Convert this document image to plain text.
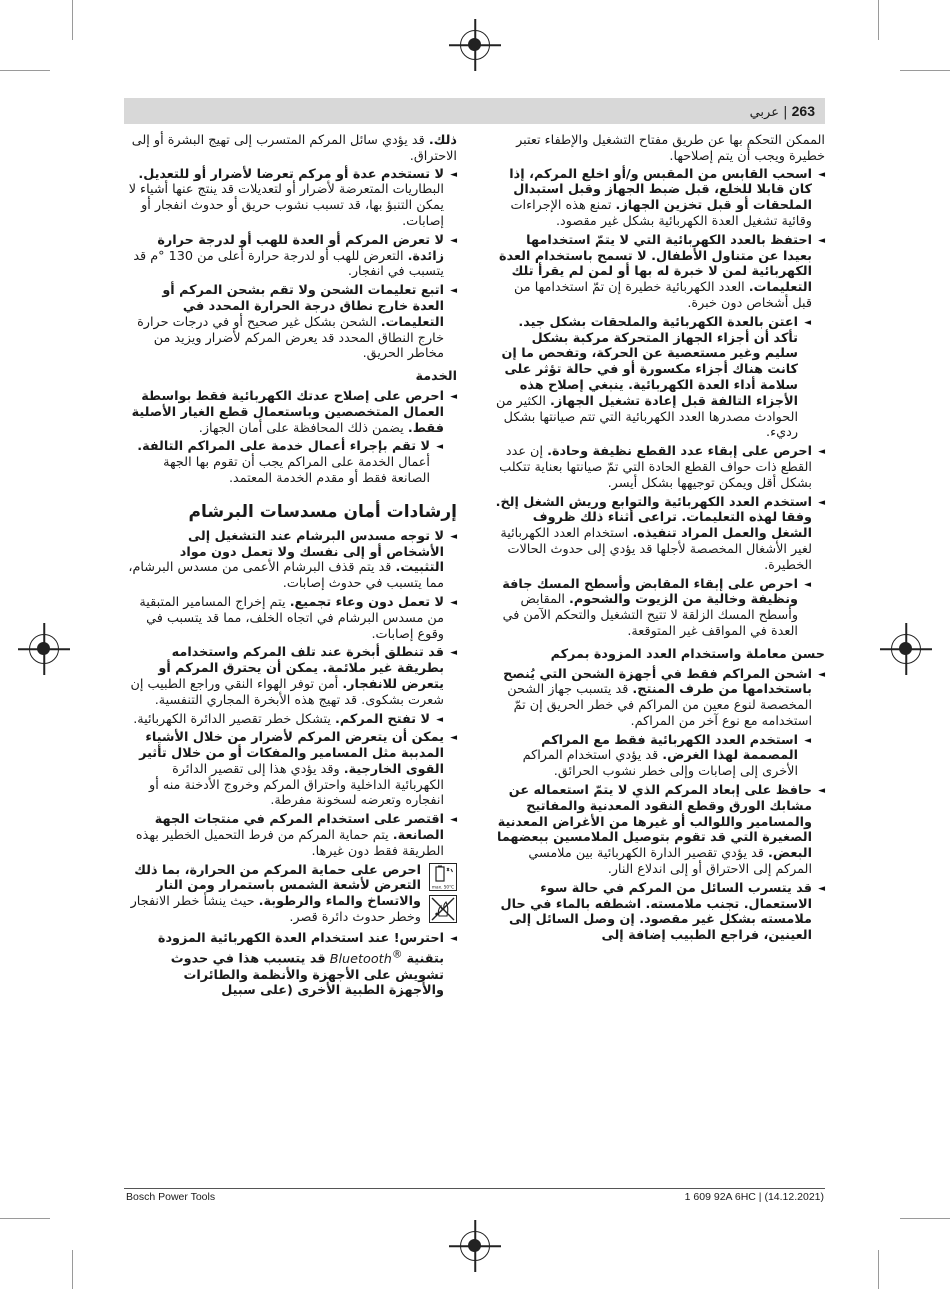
263 | عربي

الممكن التحكم بها عن طريق مفتاح التشغيل والإطفاء تعتبر خطيرة ويجب أن يتم إصلاحها.

◄ اسحب القابس من المقبس و/أو اخلع المركم، إذا كان قابلا للخلع، قبل ضبط الجهاز وقبل استبدال الملحقات أو قبل تخزين الجهاز. تمنع هذه الإجراءات وقائية تشغيل العدة الكهربائية بشكل غير مقصود.
◄ احتفظ بالعدد الكهربائية التي لا يتمّ استخدامها بعيدا عن متناول الأطفال. لا تسمح باستخدام العدة الكهربائية لمن لا خبرة له بها أو لمن لم يقرأ تلك التعليمات. العدد الكهربائية خطيرة إن تمّ استخدامها من قبل أشخاص دون خبرة.
◄ اعتن بالعدة الكهربائية والملحقات بشكل جيد. تأكد أن أجزاء الجهاز المتحركة مركبة بشكل سليم وغير مستعصية عن الحركة، وتفحص ما إن كانت هناك أجزاء مكسورة أو في حالة تؤثر على سلامة أداء العدة الكهربائية. ينبغي إصلاح هذه الأجزاء التالفة قبل إعادة تشغيل الجهاز. الكثير من الحوادث مصدرها العدد الكهربائية التي تتم صيانتها بشكل رديء.
◄ احرص على إبقاء عدد القطع نظيفة وحادة. إن عدد القطع ذات حواف القطع الحادة التي تمّ صيانتها بعناية تتكلب بشكل أقل ويمكن توجيهها بشكل أيسر.
◄ استخدم العدد الكهربائية والتوابع وريش الشغل إلخ. وفقا لهذه التعليمات. تراعى أثناء ذلك ظروف الشغل والعمل المراد تنفيذه. استخدام العدد الكهربائية لغير الأشغال المخصصة لأجلها قد يؤدي إلى حدوث الحالات الخطيرة.
◄ احرص على إبقاء المقابض وأسطح المسك جافة ونظيفة وخالية من الزيوت والشحوم. المقابض وأسطح المسك الزلقة لا تتيح التشغيل والتحكم الآمن في العدة في المواقف غير المتوقعة.
حسن معاملة واستخدام العدد المزودة بمركم
◄ اشحن المراكم فقط في أجهزة الشحن التي يُنصح باستخدامها من طرف المنتج. قد يتسبب جهاز الشحن المخصصة لنوع معين من المراكم في خطر الحريق إن تمّ استخدامه مع نوع آخر من المراكم.
◄ استخدم العدد الكهربائية فقط مع المراكم المصممة لهذا الغرض. قد يؤدي استخدام المراكم الأخرى إلى إصابات وإلى خطر نشوب الحرائق.
◄ حافظ على إبعاد المركم الذي لا يتمّ استعماله عن مشابك الورق وقطع النقود المعدنية والمفاتيح والمسامير واللوالب أو غيرها من الأغراض المعدنية الصغيرة التي قد تقوم بتوصيل الملامسين ببعضهما البعض. قد يؤدي تقصير الدارة الكهربائية بين ملامسي المركم إلى الاحتراق أو إلى اندلاع النار.
◄ قد يتسرب السائل من المركم في حالة سوء الاستعمال. تجنب ملامسته. اشطفه بالماء في حال ملامسته بشكل غير مقصود. إن وصل السائل إلى العينين، فراجع الطبيب إضافة إلى

ذلك. قد يؤدي سائل المركم المتسرب إلى تهيج البشرة أو إلى الاحتراق.

◄ لا تستخدم عدة أو مركم تعرضا لأضرار أو للتعديل. البطاريات المتعرضة لأضرار أو لتعديلات قد ينتج عنها أشياء لا يمكن التنبؤ بها، قد تسبب نشوب حريق أو حدوث انفجار أو إصابات.
◄ لا تعرض المركم أو العدة للهب أو لدرجة حرارة زائدة. التعرض للهب أو لدرجة حرارة أعلى من 130 °م قد يتسبب في انفجار.
◄ اتبع تعليمات الشحن ولا تقم بشحن المركم أو العدة خارج نطاق درجة الحرارة المحدد في التعليمات. الشحن بشكل غير صحيح أو في درجات حرارة خارج النطاق المحدد قد يعرض المركم لأضرار ويزيد من مخاطر الحريق.
الخدمة
◄ احرص على إصلاح عدتك الكهربائية فقط بواسطة العمال المتخصصين وباستعمال قطع الغيار الأصلية فقط. يضمن ذلك المحافظة على أمان الجهاز.
◄ لا تقم بإجراء أعمال خدمة على المراكم التالفة. أعمال الخدمة على المراكم يجب أن تقوم بها الجهة الصانعة فقط أو مقدم الخدمة المعتمد.
إرشادات أمان مسدسات البرشام
◄ لا توجه مسدس البرشام عند التشغيل إلى الأشخاص أو إلى نفسك ولا تعمل دون مواد التثبيت. قد يتم قذف البرشام الأعمى من مسدس البرشام، مما يتسبب في حدوث إصابات.
◄ لا تعمل دون وعاء تجميع. يتم إخراج المسامير المتبقية من مسدس البرشام في اتجاه الخلف، مما قد يتسبب في وقوع إصابات.
◄ قد تنطلق أبخرة عند تلف المركم واستخدامه بطريقة غير ملائمة. يمكن أن يحترق المركم أو يتعرض للانفجار. أمن توفر الهواء النقي وراجع الطبيب إن شعرت بشكوى. قد تهيج هذه الأبخرة المجاري التنفسية.
◄ لا تفتح المركم. يتشكل خطر تقصير الدائرة الكهربائية.
◄ يمكن أن يتعرض المركم لأضرار من خلال الأشياء المدببة مثل المسامير والمفكات أو من خلال تأثير القوى الخارجية. وقد يؤدي هذا إلى تقصير الدائرة الكهربائية الداخلية واحتراق المركم وخروج الأدخنة منه أو انفجاره وتعرضه لسخونة مفرطة.
◄ اقتصر على استخدام المركم في منتجات الجهة الصانعة. يتم حماية المركم من فرط التحميل الخطير بهذه الطريقة فقط دون غيرها.
max. 50°C
احرص على حماية المركم من الحرارة، بما ذلك التعرض لأشعة الشمس باستمرار ومن النار والاتساخ والماء والرطوبة. حيث ينشأ خطر الانفجار وخطر حدوث دائرة قصر.
◄ احترس! عند استخدام العدة الكهربائية المزودة بتقنية Bluetooth® قد يتسبب هذا في حدوث تشويش على الأجهزة والأنظمة والطائرات والأجهزة الطبية الأخرى (على سبيل
Bosch Power Tools	1 609 92A 6HC | (14.12.2021)
